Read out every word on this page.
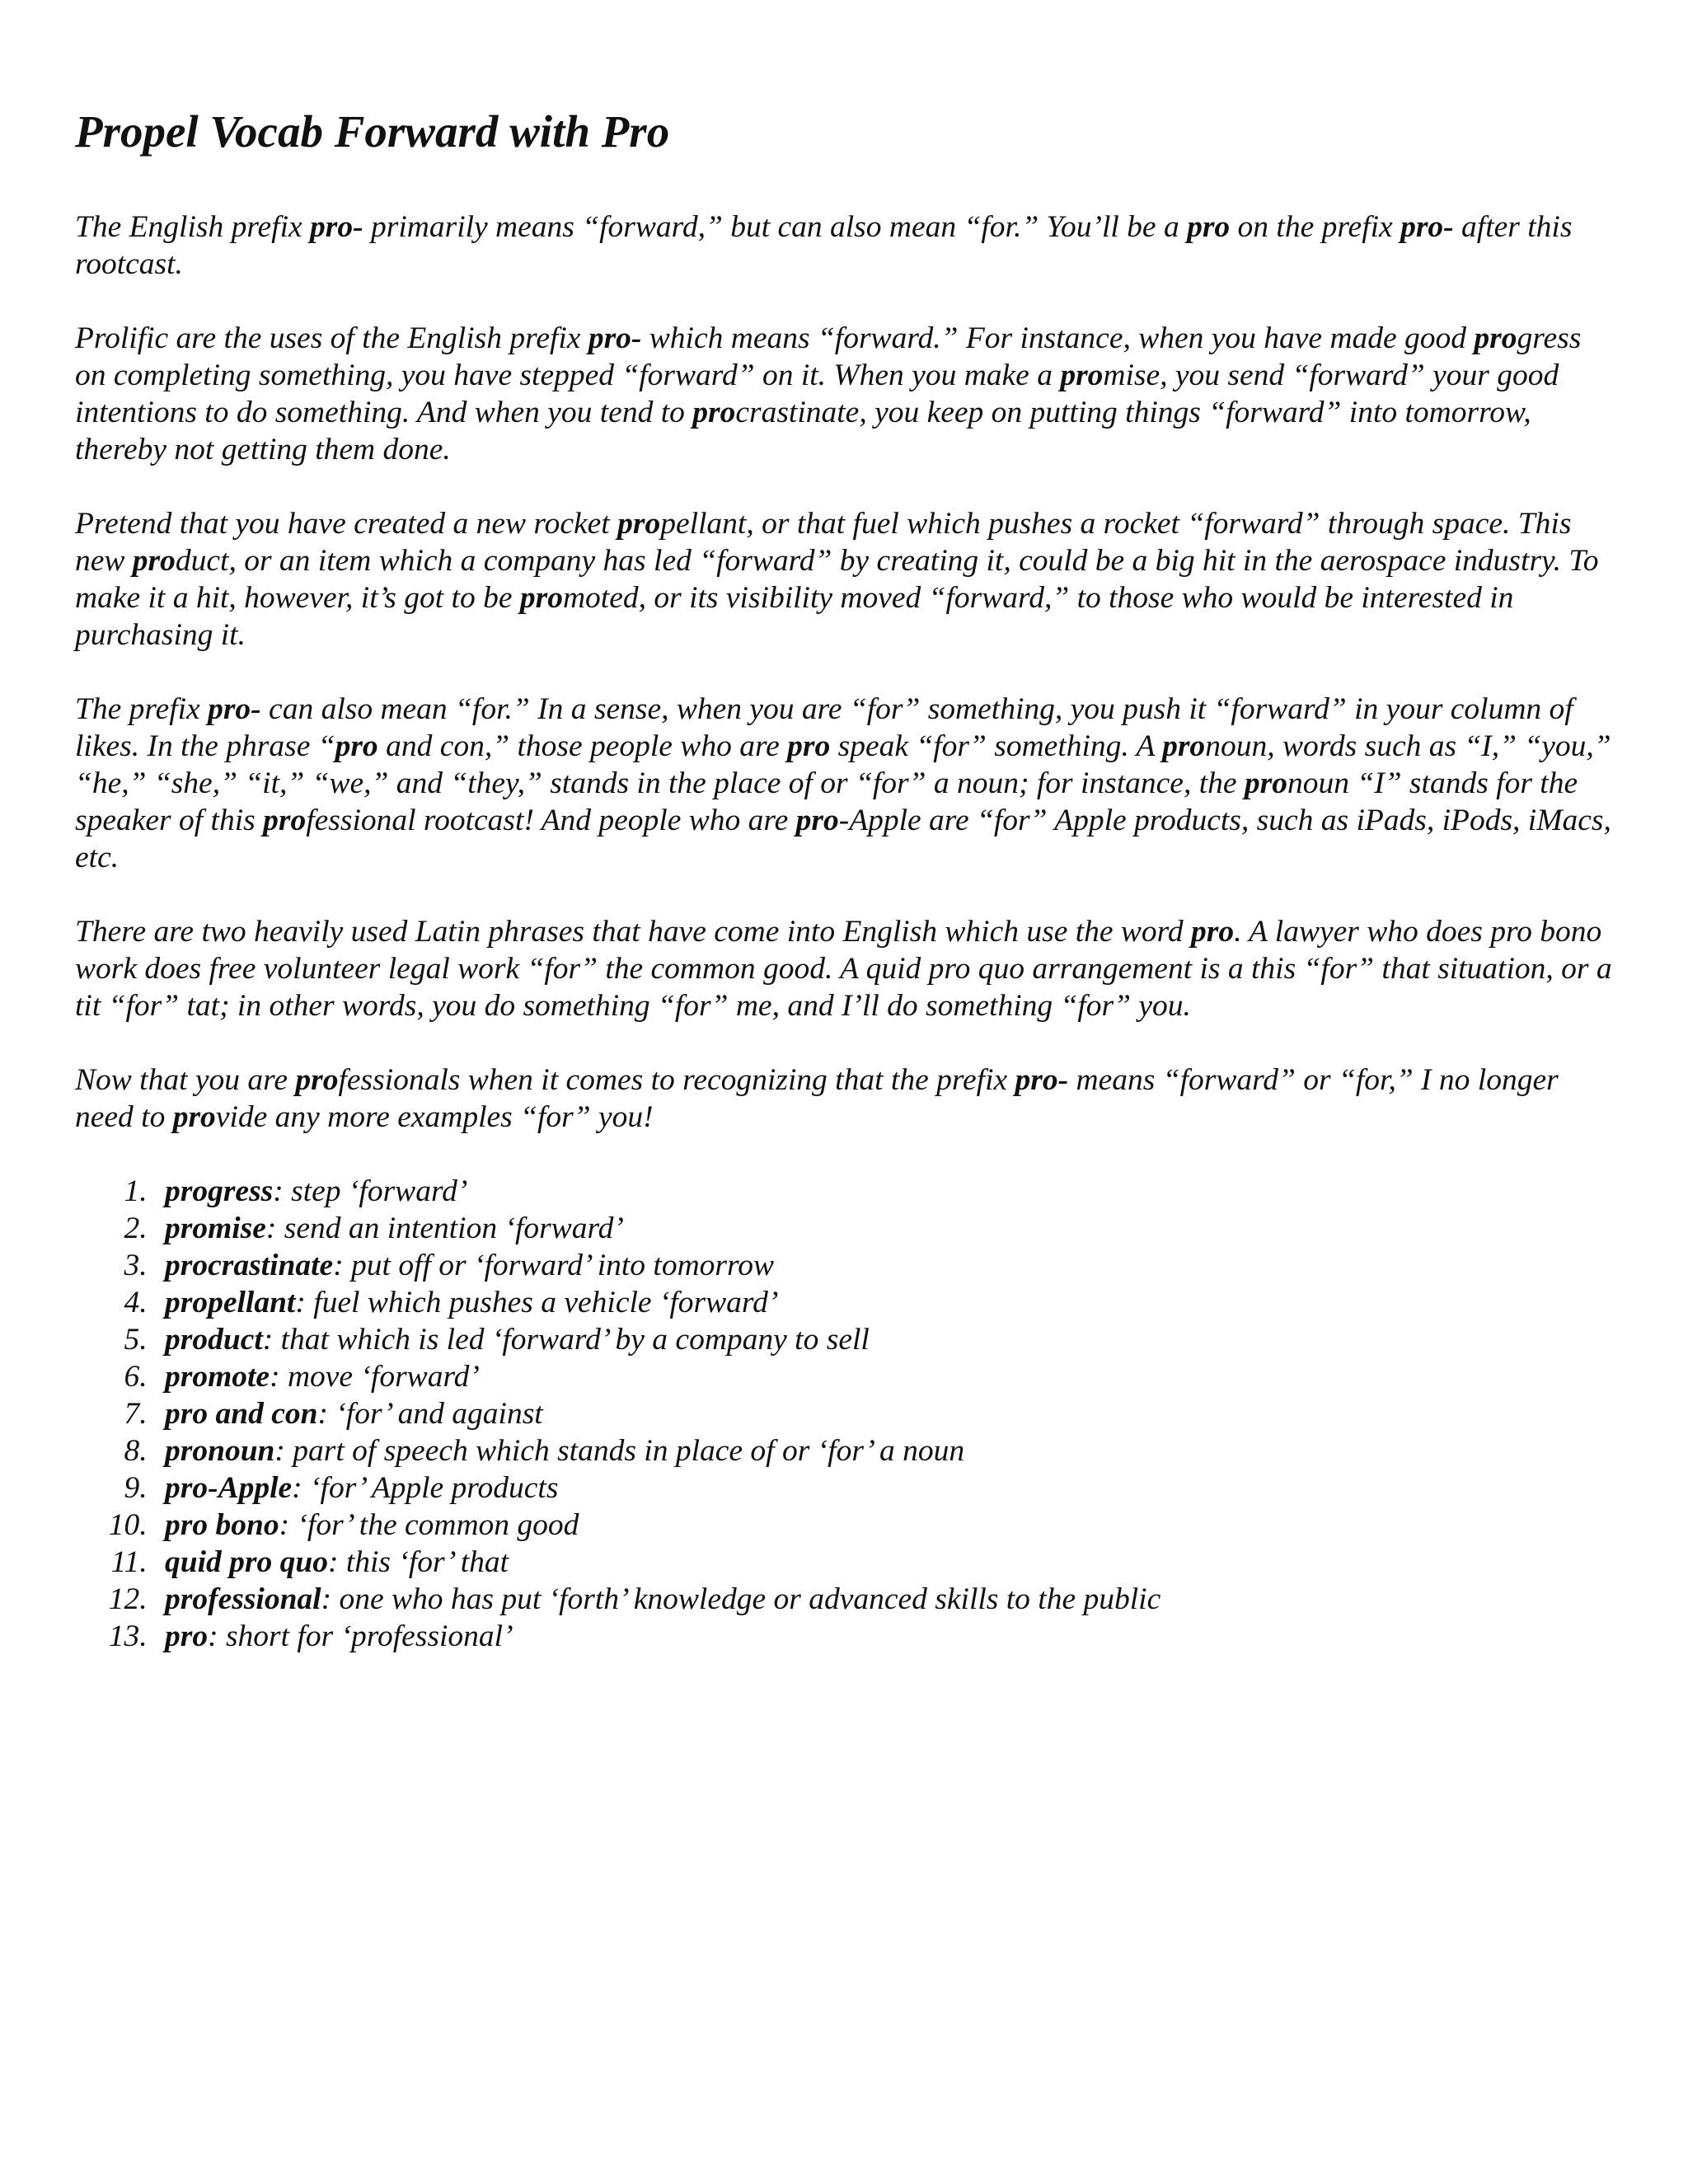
Propel Vocab Forward with Pro

The English prefix pro- primarily means “forward,” but can also mean “for.” You’ll be a pro on the prefix pro- after this rootcast.

Prolific are the uses of the English prefix pro- which means “forward.” For instance, when you have made good progress on completing something, you have stepped “forward” on it. When you make a promise, you send “forward” your good intentions to do something. And when you tend to procrastinate, you keep on putting things “forward” into tomorrow, thereby not getting them done.

Pretend that you have created a new rocket propellant, or that fuel which pushes a rocket “forward” through space. This new product, or an item which a company has led “forward” by creating it, could be a big hit in the aerospace industry. To make it a hit, however, it’s got to be promoted, or its visibility moved “forward,” to those who would be interested in purchasing it.

The prefix pro- can also mean “for.” In a sense, when you are “for” something, you push it “forward” in your column of likes. In the phrase “pro and con,” those people who are pro speak “for” something. A pronoun, words such as “I,” “you,” “he,” “she,” “it,” “we,” and “they,” stands in the place of or “for” a noun; for instance, the pronoun “I” stands for the speaker of this professional rootcast! And people who are pro-Apple are “for” Apple products, such as iPads, iPods, iMacs, etc.

There are two heavily used Latin phrases that have come into English which use the word pro. A lawyer who does pro bono work does free volunteer legal work “for” the common good. A quid pro quo arrangement is a this “for” that situation, or a tit “for” tat; in other words, you do something “for” me, and I’ll do something “for” you.

Now that you are professionals when it comes to recognizing that the prefix pro- means “forward” or “for,” I no longer need to provide any more examples “for” you!

1. progress: step ‘forward’
2. promise: send an intention ‘forward’
3. procrastinate: put off or ‘forward’ into tomorrow
4. propellant: fuel which pushes a vehicle ‘forward’
5. product: that which is led ‘forward’ by a company to sell
6. promote: move ‘forward’
7. pro and con: ‘for’ and against
8. pronoun: part of speech which stands in place of or ‘for’ a noun
9. pro-Apple: ‘for’ Apple products
10. pro bono: ‘for’ the common good
11. quid pro quo: this ‘for’ that
12. professional: one who has put ‘forth’ knowledge or advanced skills to the public
13. pro: short for ‘professional’
